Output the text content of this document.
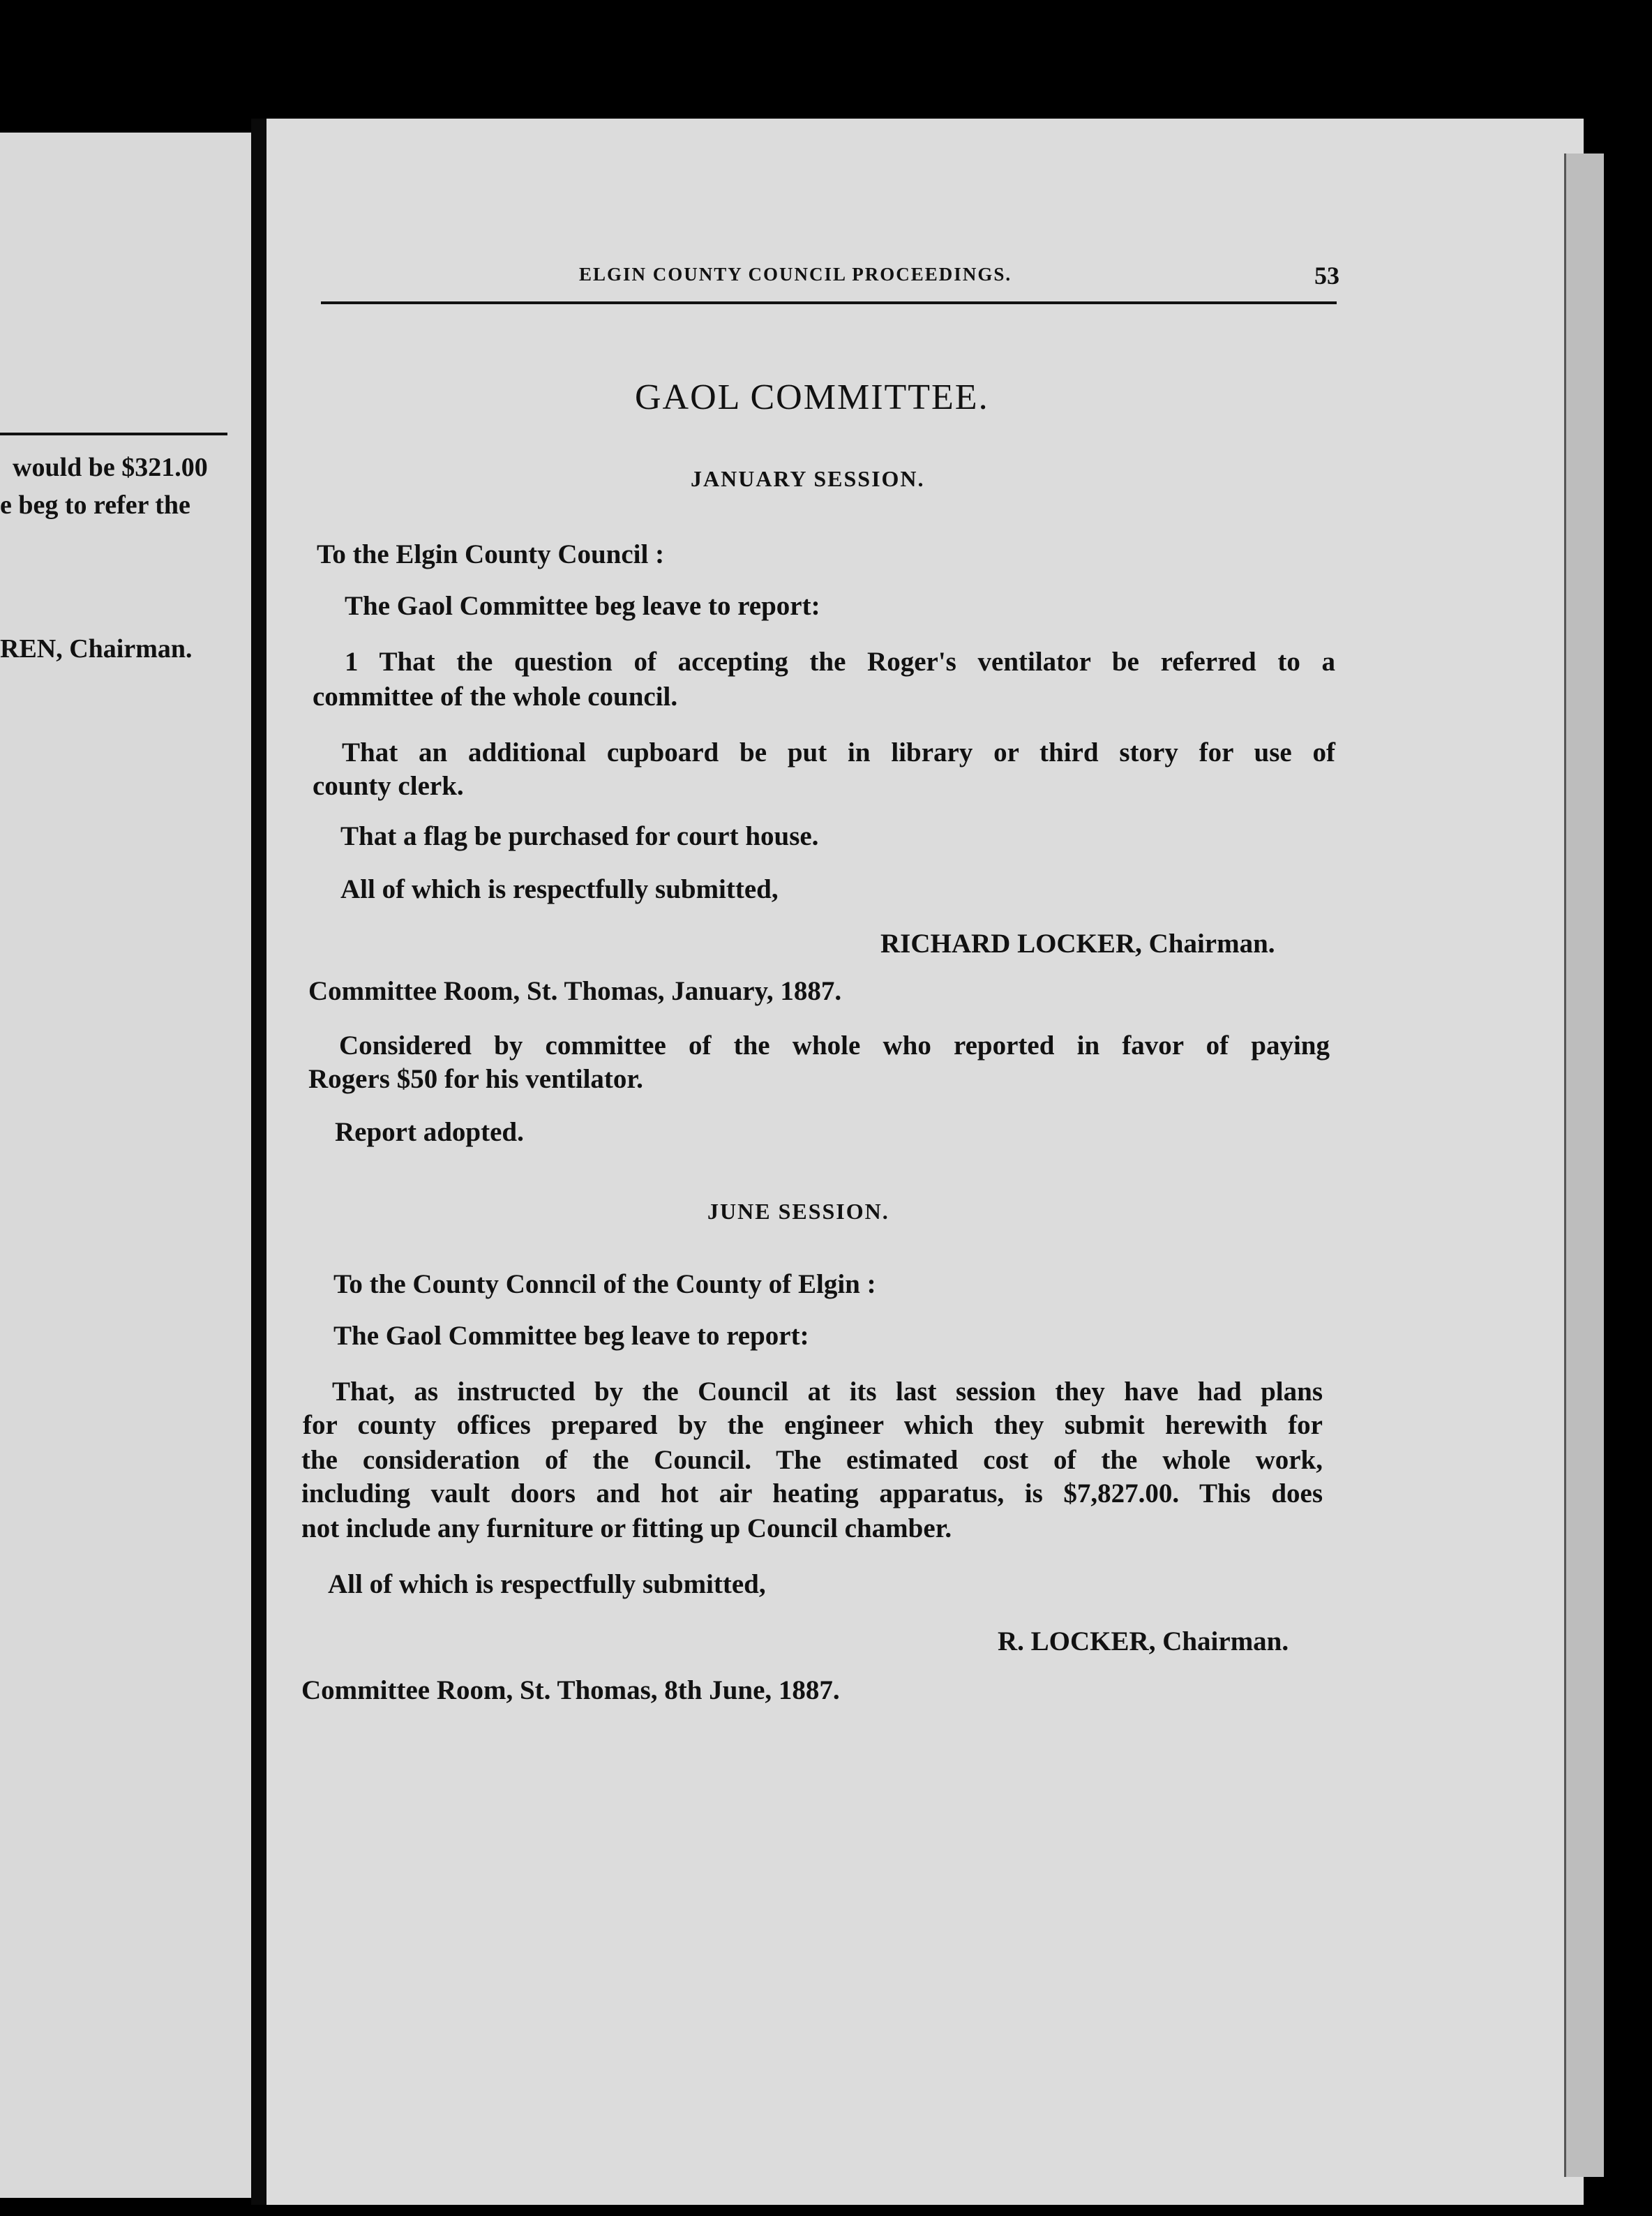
would be $321.00
e beg to refer the
REN, Chairman.
ELGIN COUNTY COUNCIL PROCEEDINGS.	53
GAOL COMMITTEE.
JANUARY SESSION.
To the Elgin County Council :
The Gaol Committee beg leave to report:
1 That the question of accepting the Roger's ventilator be referred to a
committee of the whole council.
That an additional cupboard be put in library or third story for use of
county clerk.
That a flag be purchased for court house.
All of which is respectfully submitted,
RICHARD LOCKER, Chairman.
Committee Room, St. Thomas, January, 1887.
Considered by committee of the whole who reported in favor of paying
Rogers $50 for his ventilator.
Report adopted.
JUNE SESSION.
To the County Conncil of the County of Elgin :
The Gaol Committee beg leave to report:
That, as instructed by the Council at its last session they have had plans
for county offices prepared by the engineer which they submit herewith for
the consideration of the Council. The estimated cost of the whole work,
including vault doors and hot air heating apparatus, is $7,827.00. This does
not include any furniture or fitting up Council chamber.
All of which is respectfully submitted,
R. LOCKER, Chairman.
Committee Room, St. Thomas, 8th June, 1887.
